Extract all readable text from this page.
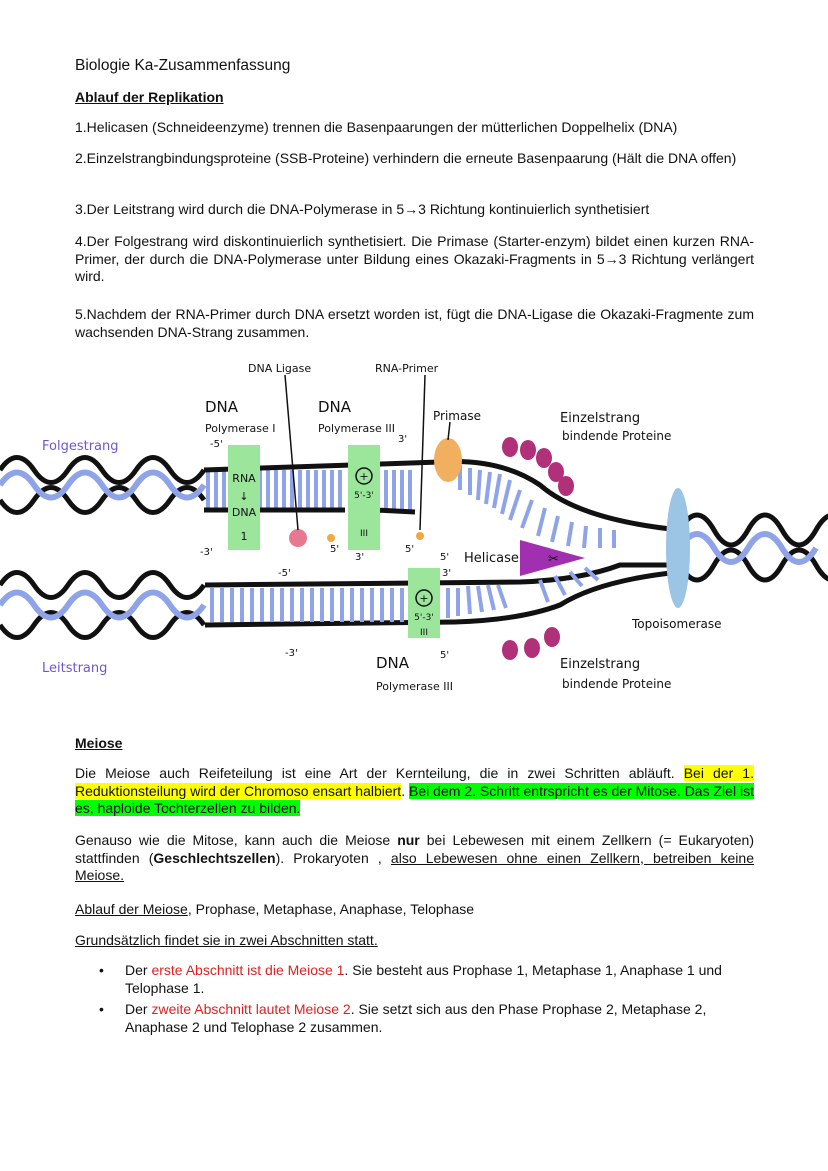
Biologie Ka-Zusammenfassung
Ablauf der Replikation
1.Helicasen (Schneideenzyme) trennen die Basenpaarungen der mütterlichen Doppelhelix (DNA)
2.Einzelstrangbindungsproteine (SSB-Proteine) verhindern die erneute Basenpaarung (Hält die DNA offen)
3.Der Leitstrang wird durch die DNA-Polymerase in 5→3 Richtung kontinuierlich synthetisiert
4.Der Folgestrang wird diskontinuierlich synthetisiert. Die Primase (Starter-enzym) bildet einen kurzen RNA-Primer, der durch die DNA-Polymerase unter Bildung eines Okazaki-Fragments in 5→3 Richtung verlängert wird.
5.Nachdem der RNA-Primer durch DNA ersetzt worden ist, fügt die DNA-Ligase die Okazaki-Fragmente zum wachsenden DNA-Strang zusammen.
Meiose
Die Meiose auch Reifeteilung ist eine Art der Kernteilung, die in zwei Schritten abläuft. Bei der 1. Reduktionsteilung wird der Chromoso ensart halbiert. Bei dem 2. Schritt entrspricht es der Mitose. Das Ziel ist es, haploide Tochterzellen zu bilden.
Genauso wie die Mitose, kann auch die Meiose nur bei Lebewesen mit einem Zellkern (= Eukaryoten) stattfinden (Geschlechtszellen). Prokaryoten , also Lebewesen ohne einen Zellkern, betreiben keine Meiose.
Ablauf der Meiose, Prophase, Metaphase, Anaphase, Telophase
Grundsätzlich findet sie in zwei Abschnitten statt.
• Der erste Abschnitt ist die Meiose 1. Sie besteht aus Prophase 1, Metaphase 1, Anaphase 1 und Telophase 1.
• Der zweite Abschnitt lautet Meiose 2. Sie setzt sich aus den Phase Prophase 2, Metaphase 2, Anaphase 2 und Telophase 2 zusammen.
RNA
↓
DNA
1
+
5'-3'
III
+
5'-3'
III
✂
DNA Ligase	RNA-Primer
DNA
Polymerase I
DNA
Polymerase III
Primase	Einzelstrang
bindende Proteine
Folgestrang
Leitstrang
Helicase
Topoisomerase
Einzelstrang
bindende Proteine
DNA
Polymerase III
-5'	3'
-3'	5'
3'
5'
-5'	3'
-3'
5'
5'
